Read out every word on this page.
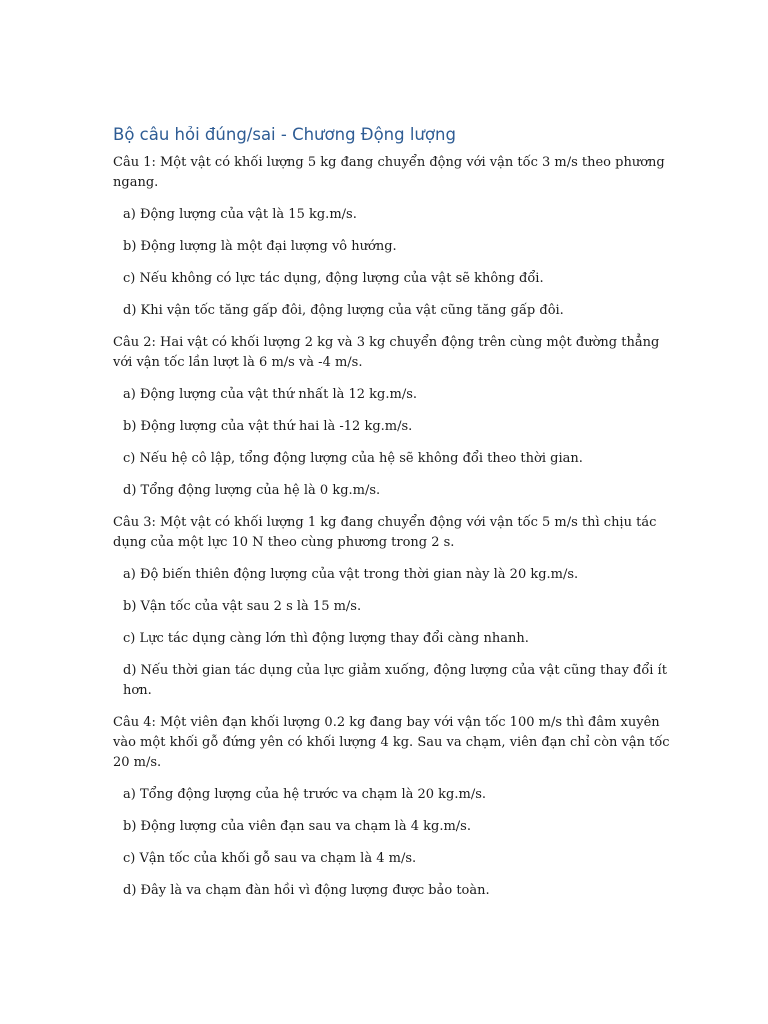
Bộ câu hỏi đúng/sai - Chương Động lượng

Câu 1: Một vật có khối lượng 5 kg đang chuyển động với vận tốc 3 m/s theo phương ngang.

a) Động lượng của vật là 15 kg.m/s.

b) Động lượng là một đại lượng vô hướng.

c) Nếu không có lực tác dụng, động lượng của vật sẽ không đổi.

d) Khi vận tốc tăng gấp đôi, động lượng của vật cũng tăng gấp đôi.

Câu 2: Hai vật có khối lượng 2 kg và 3 kg chuyển động trên cùng một đường thẳng với vận tốc lần lượt là 6 m/s và -4 m/s.

a) Động lượng của vật thứ nhất là 12 kg.m/s.

b) Động lượng của vật thứ hai là -12 kg.m/s.

c) Nếu hệ cô lập, tổng động lượng của hệ sẽ không đổi theo thời gian.

d) Tổng động lượng của hệ là 0 kg.m/s.

Câu 3: Một vật có khối lượng 1 kg đang chuyển động với vận tốc 5 m/s thì chịu tác dụng của một lực 10 N theo cùng phương trong 2 s.

a) Độ biến thiên động lượng của vật trong thời gian này là 20 kg.m/s.

b) Vận tốc của vật sau 2 s là 15 m/s.

c) Lực tác dụng càng lớn thì động lượng thay đổi càng nhanh.

d) Nếu thời gian tác dụng của lực giảm xuống, động lượng của vật cũng thay đổi ít hơn.

Câu 4: Một viên đạn khối lượng 0.2 kg đang bay với vận tốc 100 m/s thì đâm xuyên vào một khối gỗ đứng yên có khối lượng 4 kg. Sau va chạm, viên đạn chỉ còn vận tốc 20 m/s.

a) Tổng động lượng của hệ trước va chạm là 20 kg.m/s.

b) Động lượng của viên đạn sau va chạm là 4 kg.m/s.

c) Vận tốc của khối gỗ sau va chạm là 4 m/s.

d) Đây là va chạm đàn hồi vì động lượng được bảo toàn.
